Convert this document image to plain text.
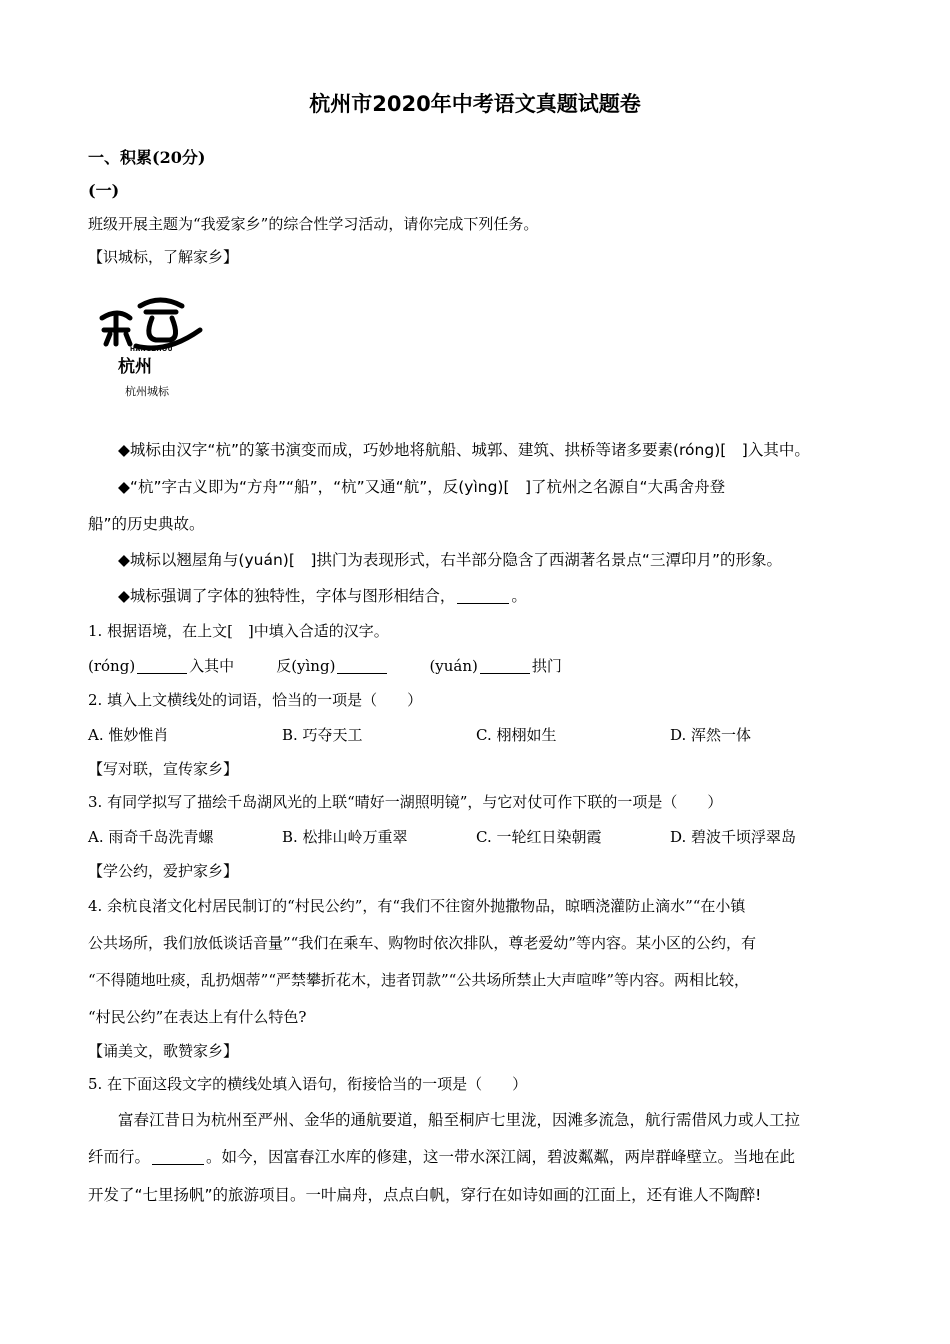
杭州市2020年中考语文真题试题卷
一、积累(20分)
(一)
班级开展主题为“我爱家乡”的综合性学习活动，请你完成下列任务。
【识城标，了解家乡】
HANGZHOU
杭州
杭州城标
◆城标由汉字“杭”的篆书演变而成，巧妙地将航船、城郭、建筑、拱桥等诸多要素(róng)[　]入其中。
◆“杭”字古义即为“方舟”“船”，“杭”又通“航”，反(yìng)[　]了杭州之名源自“大禹舍舟登
船”的历史典故。
◆城标以翘屋角与(yuán)[　]拱门为表现形式，右半部分隐含了西湖著名景点“三潭印月”的形象。
◆城标强调了字体的独特性，字体与图形相结合，	。
1. 根据语境，在上文[　]中填入合适的汉字。
(róng)	入其中	反(yìng)	(yuán)	拱门
2. 填入上文横线处的词语，恰当的一项是（　　）
A. 惟妙惟肖	B. 巧夺天工	C. 栩栩如生	D. 浑然一体
【写对联，宣传家乡】
3. 有同学拟写了描绘千岛湖风光的上联“晴好一湖照明镜”，与它对仗可作下联的一项是（　　）
A. 雨奇千岛洗青螺	B. 松排山岭万重翠	C. 一轮红日染朝霞	D. 碧波千顷浮翠岛
【学公约，爱护家乡】
4. 余杭良渚文化村居民制订的“村民公约”，有“我们不往窗外抛撒物品，晾晒浇灌防止滴水”“在小镇
公共场所，我们放低谈话音量”“我们在乘车、购物时依次排队，尊老爱幼”等内容。某小区的公约，有
“不得随地吐痰，乱扔烟蒂”“严禁攀折花木，违者罚款”“公共场所禁止大声喧哗”等内容。两相比较，
“村民公约”在表达上有什么特色?
【诵美文，歌赞家乡】
5. 在下面这段文字的横线处填入语句，衔接恰当的一项是（　　）
富春江昔日为杭州至严州、金华的通航要道，船至桐庐七里泷，因滩多流急，航行需借风力或人工拉
纤而行。	。如今，因富春江水库的修建，这一带水深江阔，碧波粼粼，两岸群峰壁立。当地在此
开发了“七里扬帆”的旅游项目。一叶扁舟，点点白帆，穿行在如诗如画的江面上，还有谁人不陶醉!
